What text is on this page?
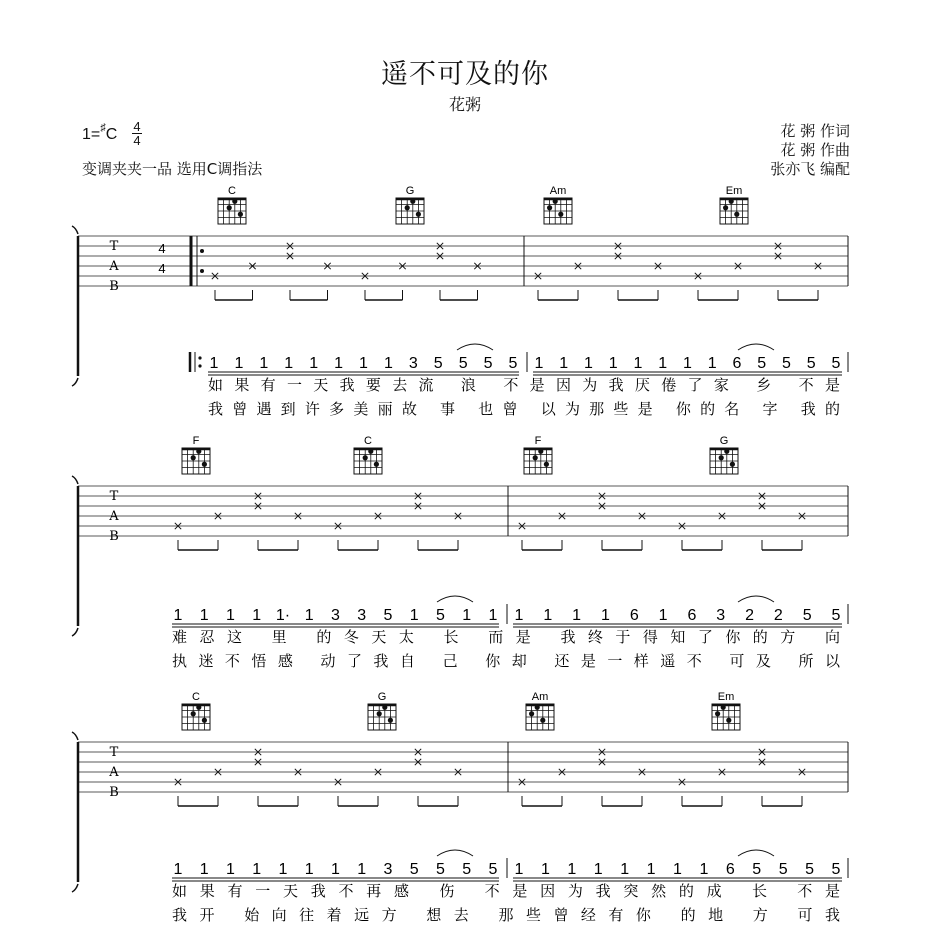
遥不可及的你
花粥
1=♯C 4
4
变调夹夹一品 选用C调指法
花 粥 作词
花 粥 作曲
张亦飞 编配
C	G	Am	Em
T
A
B
4
4
1 1 1 1 1 1 1 1 3 5 5 5 5 1 1 1 1 1 1 1 1 6 5 5 5 5
如果有一天我要去流 浪 不是因为我厌倦了家 乡 不是
我曾遇到许多美丽故 事 也曾 以为那些是 你的名 字 我的
F	C	F	G
T
A
B
1 1 1 1 1· 1 3 3 5 1 5 1 1 1 1 1 1 6 1 6 3 2 2 5 5
难忍这 里 的冬天太 长 而是 我终于得知了你的方 向
执迷不悟感 动了我自 己 你却 还是一样遥不 可及 所以
C	G	Am	Em
T
A
B
1 1 1 1 1 1 1 1 3 5 5 5 5 1 1 1 1 1 1 1 1 6 5 5 5 5
如果有一天我不再感 伤 不是因为我突然的成 长 不是
我开 始向往着远方 想去 那些曾经有你 的地 方 可我
